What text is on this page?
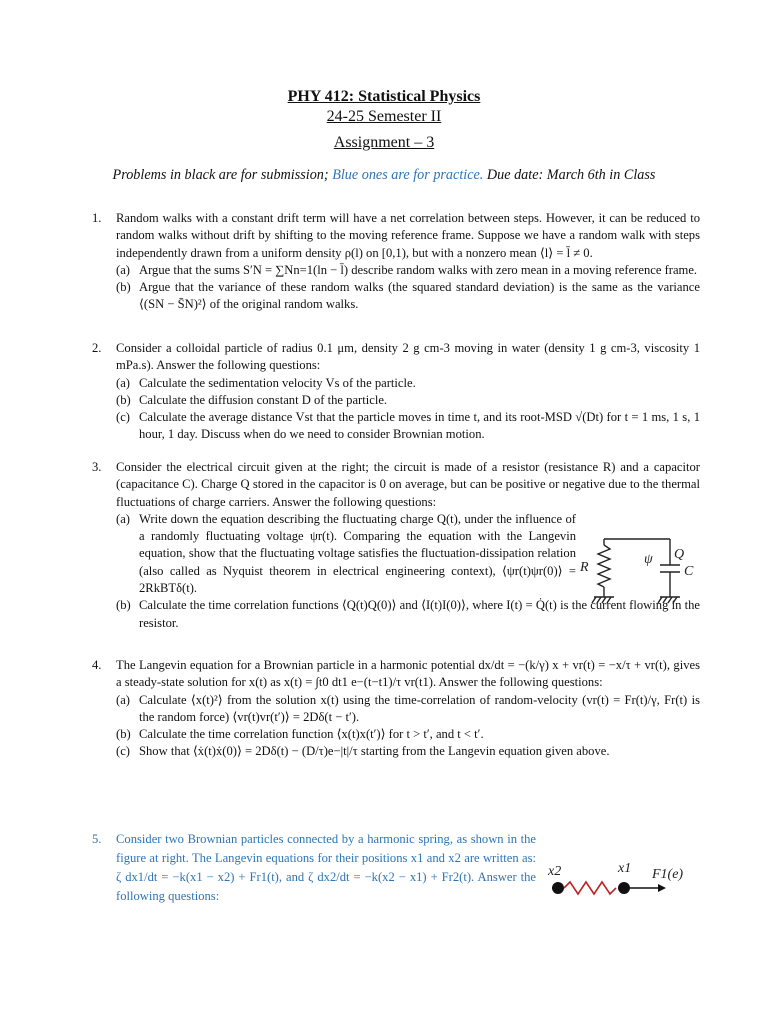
PHY 412: Statistical Physics
24-25 Semester II
Assignment – 3
Problems in black are for submission; Blue ones are for practice. Due date: March 6th in Class
1. Random walks with a constant drift term will have a net correlation between steps. However, it can be reduced to random walks without drift by shifting to the moving reference frame. Suppose we have a random walk with steps independently drawn from a uniform density ρ(l) on [0,1), but with a nonzero mean ⟨l⟩ = l̄ ≠ 0.
(a) Argue that the sums S′N = ∑Nn=1(ln − l̄) describe random walks with zero mean in a moving reference frame.
(b) Argue that the variance of these random walks (the squared standard deviation) is the same as the variance ⟨(SN − S̄N)²⟩ of the original random walks.
2. Consider a colloidal particle of radius 0.1 μm, density 2 g cm-3 moving in water (density 1 g cm-3, viscosity 1 mPa.s). Answer the following questions:
(a) Calculate the sedimentation velocity Vs of the particle.
(b) Calculate the diffusion constant D of the particle.
(c) Calculate the average distance Vst that the particle moves in time t, and its root-MSD √(Dt) for t = 1 ms, 1 s, 1 hour, 1 day. Discuss when do we need to consider Brownian motion.
3. Consider the electrical circuit given at the right; the circuit is made of a resistor (resistance R) and a capacitor (capacitance C). Charge Q stored in the capacitor is 0 on average, but can be positive or negative due to the thermal fluctuations of charge carriers. Answer the following questions:
(a) Write down the equation describing the fluctuating charge Q(t), under the influence of a randomly fluctuating voltage ψr(t). Comparing the equation with the Langevin equation, show that the fluctuating voltage satisfies the fluctuation-dissipation relation (also called as Nyquist theorem in electrical engineering context), ⟨ψr(t)ψr(0)⟩ = 2RkBTδ(t).
(b) Calculate the time correlation functions ⟨Q(t)Q(0)⟩ and ⟨I(t)I(0)⟩, where I(t) = Q̇(t) is the current flowing in the resistor.
R
ψ Q
C
4. The Langevin equation for a Brownian particle in a harmonic potential dx/dt = −(k/γ) x + vr(t) = −x/τ + vr(t), gives a steady-state solution for x(t) as x(t) = ∫t0 dt1 e−(t−t1)/τ vr(t1). Answer the following questions:
(a) Calculate ⟨x(t)²⟩ from the solution x(t) using the time-correlation of random-velocity (vr(t) = Fr(t)/γ, Fr(t) is the random force) ⟨vr(t)vr(t′)⟩ = 2Dδ(t − t′).
(b) Calculate the time correlation function ⟨x(t)x(t′)⟩ for t > t′, and t < t′.
(c) Show that ⟨ẋ(t)ẋ(0)⟩ = 2Dδ(t) − (D/τ)e−|t|/τ starting from the Langevin equation given above.
5. Consider two Brownian particles connected by a harmonic spring, as shown in the figure at right. The Langevin equations for their positions x1 and x2 are written as: ζ dx1/dt = −k(x1 − x2) + Fr1(t), and ζ dx2/dt = −k(x2 − x1) + Fr2(t). Answer the following questions:
x2	x1 F1(e)
